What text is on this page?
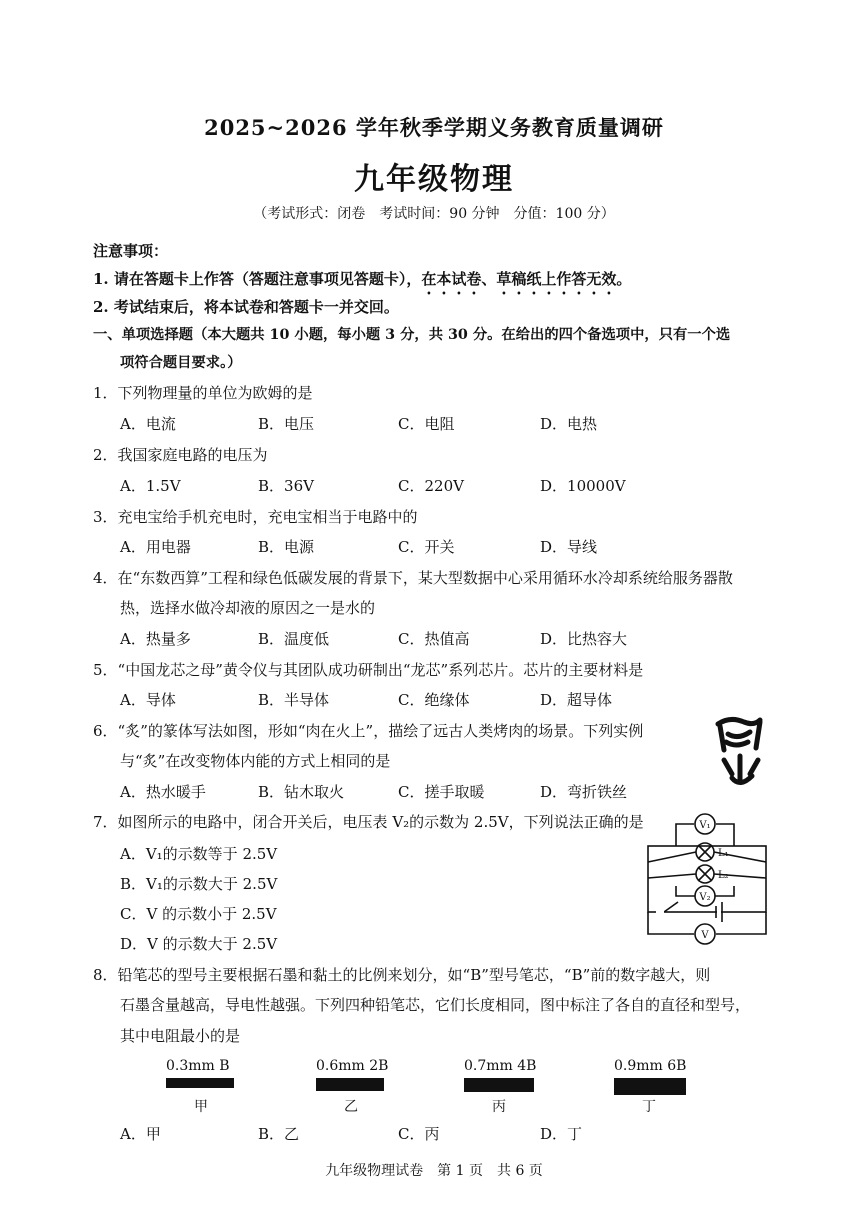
2025~2026 学年秋季学期义务教育质量调研
九年级物理
（考试形式：闭卷　考试时间：90 分钟　分值：100 分）
注意事项：
1. 请在答题卡上作答（答题注意事项见答题卡），在本试卷、草稿纸上作答无效。
2. 考试结束后，将本试卷和答题卡一并交回。
一、单项选择题（本大题共 10 小题，每小题 3 分，共 30 分。在给出的四个备选项中，只有一个选
项符合题目要求。）
1．下列物理量的单位为欧姆的是
A．电流	B．电压	C．电阻	D．电热
2．我国家庭电路的电压为
A．1.5V	B．36V	C．220V	D．10000V
3．充电宝给手机充电时，充电宝相当于电路中的
A．用电器	B．电源	C．开关	D．导线
4．在“东数西算”工程和绿色低碳发展的背景下，某大型数据中心采用循环水冷却系统给服务器散
热，选择水做冷却液的原因之一是水的
A．热量多	B．温度低	C．热值高	D．比热容大
5．“中国龙芯之母”黄令仪与其团队成功研制出“龙芯”系列芯片。芯片的主要材料是
A．导体	B．半导体	C．绝缘体	D．超导体
6．“炙”的篆体写法如图，形如“肉在火上”，描绘了远古人类烤肉的场景。下列实例
与“炙”在改变物体内能的方式上相同的是
A．热水暖手	B．钻木取火	C．搓手取暖	D．弯折铁丝
7．如图所示的电路中，闭合开关后，电压表 V₂的示数为 2.5V，下列说法正确的是
A．V₁的示数等于 2.5V
B．V₁的示数大于 2.5V
C．V 的示数小于 2.5V
D．V 的示数大于 2.5V
8．铅笔芯的型号主要根据石墨和黏土的比例来划分，如“B”型号笔芯，“B”前的数字越大，则
石墨含量越高，导电性越强。下列四种铅笔芯，它们长度相同，图中标注了各自的直径和型号，
其中电阻最小的是
A．甲	B．乙	C．丙	D．丁
V₁
L₁
L₂
V₂
V
0.3mm B
甲
0.6mm 2B
乙
0.7mm 4B
丙
0.9mm 6B
丁
九年级物理试卷　第 1 页　共 6 页
